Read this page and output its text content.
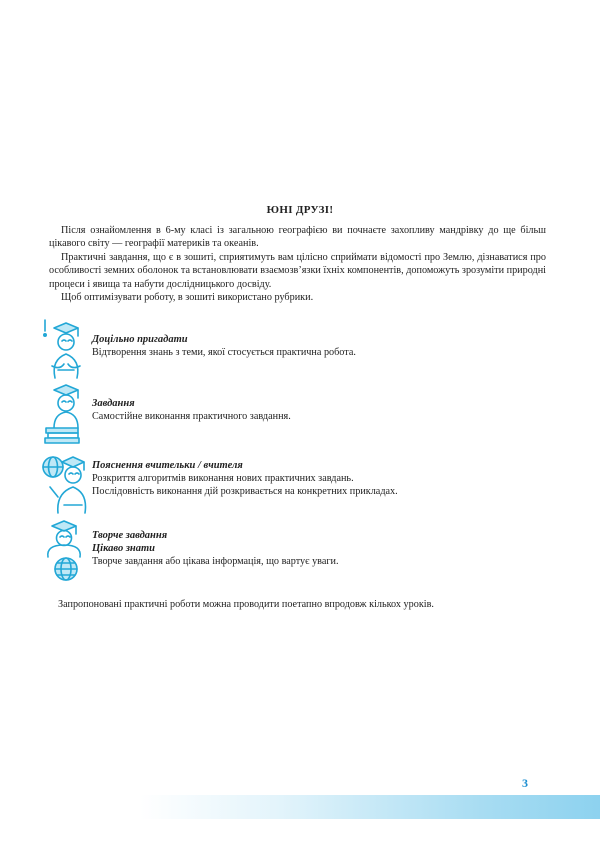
ЮНІ ДРУЗІ!

Після ознайомлення в 6-му класі із загальною географією ви почнаєте захопливу мандрівку до ще більш цікавого світу — географії материків та океанів.

Практичні завдання, що є в зошиті, сприятимуть вам цілісно сприймати відомості про Землю, дізнаватися про особливості земних оболонок та встановлювати взаємозв’язки їхніх компонентів, допоможуть зрозуміти природні процеси і явища та набути дослідницького досвіду.

Щоб оптимізувати роботу, в зошиті використано рубрики.

Доцільно пригадати
Відтворення знань з теми, якої стосується практична робота.
Завдання
Самостійне виконання практичного завдання.
Пояснення вчительки / вчителя
Розкриття алгоритмів виконання нових практичних завдань.
Послідовність виконання дій розкривається на конкретних прикладах.
Творче завдання
Цікаво знати
Творче завдання або цікава інформація, що вартує уваги.
Запропоновані практичні роботи можна проводити поетапно впродовж кількох уроків.
3
